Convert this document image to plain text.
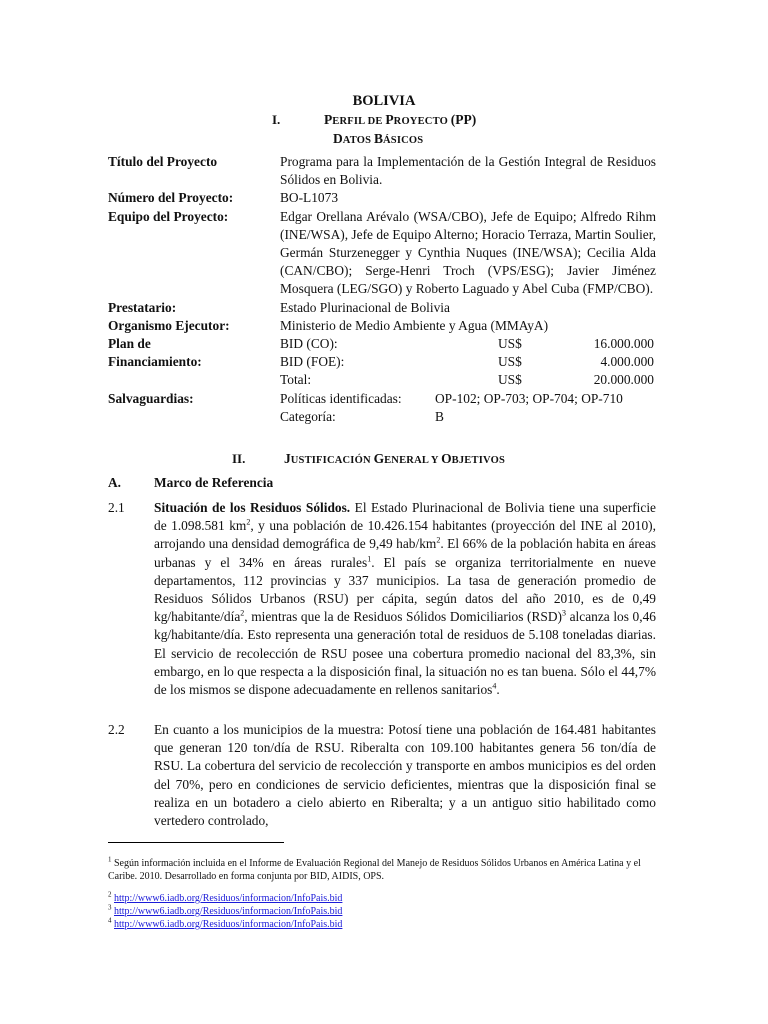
BOLIVIA
I.	PERFIL DE PROYECTO (PP)
DATOS BÁSICOS
Título del Proyecto	Programa para la Implementación de la Gestión Integral de Residuos Sólidos en Bolivia.
Número del Proyecto:	BO-L1073
Equipo del Proyecto:	Edgar Orellana Arévalo (WSA/CBO), Jefe de Equipo; Alfredo Rihm (INE/WSA), Jefe de Equipo Alterno; Horacio Terraza, Martin Soulier, Germán Sturzenegger y Cynthia Nuques (INE/WSA); Cecilia Alda (CAN/CBO); Serge-Henri Troch (VPS/ESG); Javier Jiménez Mosquera (LEG/SGO) y Roberto Laguado y Abel Cuba (FMP/CBO).
Prestatario:	Estado Plurinacional de Bolivia
Organismo Ejecutor:	Ministerio de Medio Ambiente y Agua (MMAyA)
Plan de
Financiamiento:
BID (CO):	US$	16.000.000
BID (FOE):	US$	4.000.000
Total:	US$	20.000.000
Salvaguardias:	Políticas identificadas:	OP-102; OP-703; OP-704; OP-710
Categoría:	B
II.	JUSTIFICACIÓN GENERAL Y OBJETIVOS
A. Marco de Referencia
2.1 Situación de los Residuos Sólidos. El Estado Plurinacional de Bolivia tiene una superficie de 1.098.581 $km^2$, y una población de 10.426.154 habitantes (proyección del INE al 2010), arrojando una densidad demográfica de 9,49 hab/$km^2$. El 66% de la población habita en áreas urbanas y el 34% en áreas rurales$^1$. El país se organiza territorialmente en nueve departamentos, 112 provincias y 337 municipios. La tasa de generación promedio de Residuos Sólidos Urbanos (RSU) per cápita, según datos del año 2010, es de 0,49 kg/habitante/día$^2$, mientras que la de Residuos Sólidos Domiciliarios (RSD)$^3$ alcanza los 0,46 kg/habitante/día. Esto representa una generación total de residuos de 5.108 toneladas diarias. El servicio de recolección de RSU posee una cobertura promedio nacional del 83,3%, sin embargo, en lo que respecta a la disposición final, la situación no es tan buena. Sólo el 44,7% de los mismos se dispone adecuadamente en rellenos sanitarios$^4$.
2.2 En cuanto a los municipios de la muestra: Potosí tiene una población de 164.481 habitantes que generan 120 ton/día de RSU. Riberalta con 109.100 habitantes genera 56 ton/día de RSU. La cobertura del servicio de recolección y transporte en ambos municipios es del orden del 70%, pero en condiciones de servicio deficientes, mientras que la disposición final se realiza en un botadero a cielo abierto en Riberalta; y a un antiguo sitio habilitado como vertedero controlado,
$^1$ Según información incluida en el Informe de Evaluación Regional del Manejo de Residuos Sólidos Urbanos en América Latina y el Caribe. 2010. Desarrollado en forma conjunta por BID, AIDIS, OPS.
$^2$ http://www6.iadb.org/Residuos/informacion/InfoPais.bid
$^3$ http://www6.iadb.org/Residuos/informacion/InfoPais.bid
$^4$ http://www6.iadb.org/Residuos/informacion/InfoPais.bid
